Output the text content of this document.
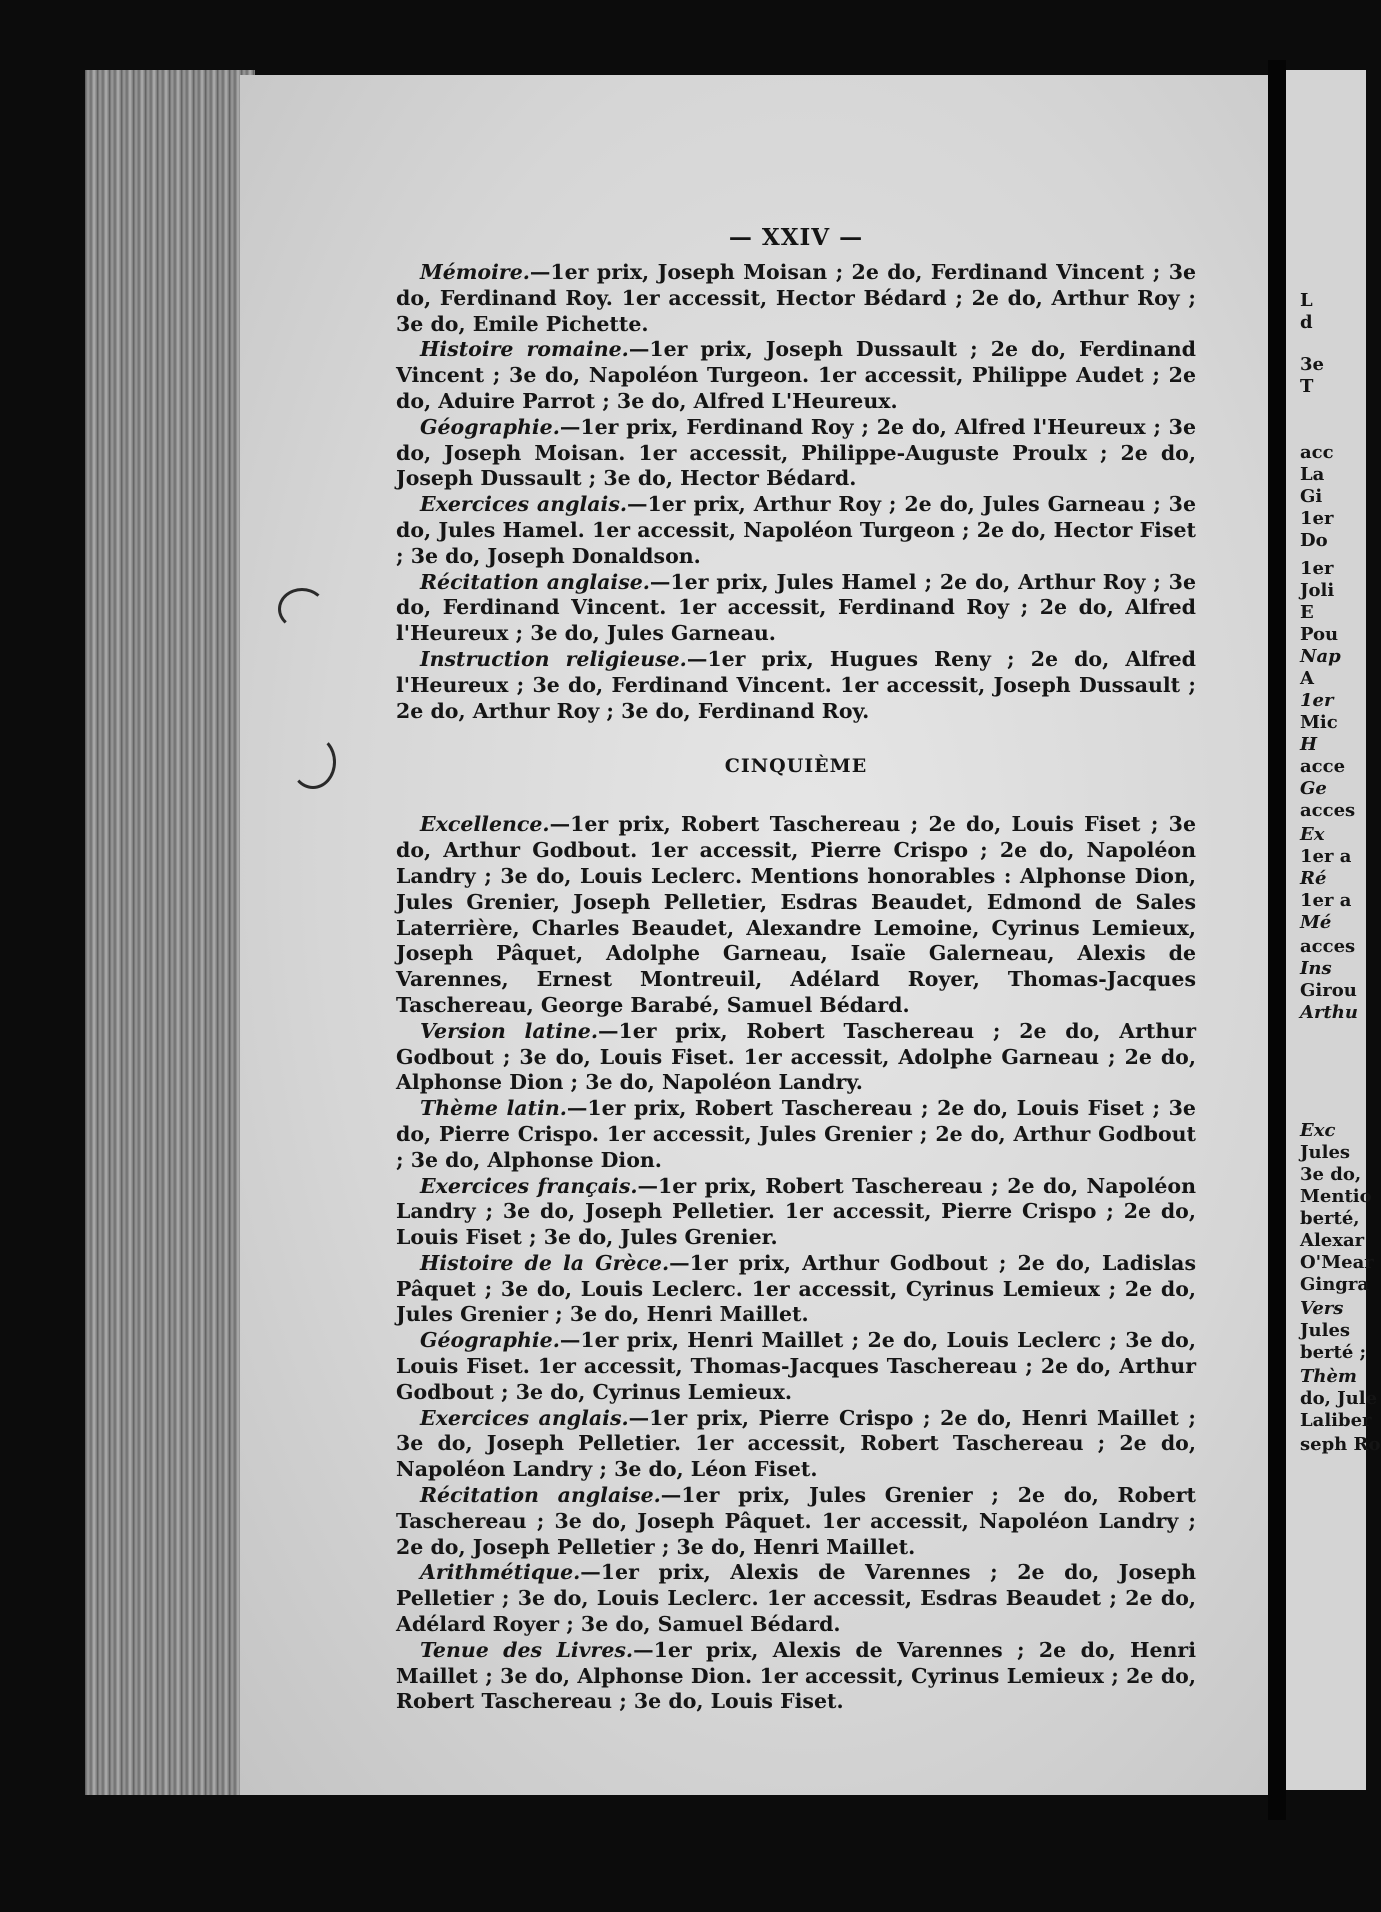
— XXIV —

Mémoire.—1er prix, Joseph Moisan ; 2e do, Ferdinand Vincent ; 3e do, Ferdinand Roy. 1er accessit, Hector Bédard ; 2e do, Arthur Roy ; 3e do, Emile Pichette.

Histoire romaine.—1er prix, Joseph Dussault ; 2e do, Ferdinand Vincent ; 3e do, Napoléon Turgeon. 1er accessit, Philippe Audet ; 2e do, Aduire Parrot ; 3e do, Alfred L'Heureux.

Géographie.—1er prix, Ferdinand Roy ; 2e do, Alfred l'Heureux ; 3e do, Joseph Moisan. 1er accessit, Philippe-Auguste Proulx ; 2e do, Joseph Dussault ; 3e do, Hector Bédard.

Exercices anglais.—1er prix, Arthur Roy ; 2e do, Jules Garneau ; 3e do, Jules Hamel. 1er accessit, Napoléon Turgeon ; 2e do, Hector Fiset ; 3e do, Joseph Donaldson.

Récitation anglaise.—1er prix, Jules Hamel ; 2e do, Arthur Roy ; 3e do, Ferdinand Vincent. 1er accessit, Ferdinand Roy ; 2e do, Alfred l'Heureux ; 3e do, Jules Garneau.

Instruction religieuse.—1er prix, Hugues Reny ; 2e do, Alfred l'Heureux ; 3e do, Ferdinand Vincent. 1er accessit, Joseph Dussault ; 2e do, Arthur Roy ; 3e do, Ferdinand Roy.

CINQUIÈME

Excellence.—1er prix, Robert Taschereau ; 2e do, Louis Fiset ; 3e do, Arthur Godbout. 1er accessit, Pierre Crispo ; 2e do, Napoléon Landry ; 3e do, Louis Leclerc. Mentions honorables : Alphonse Dion, Jules Grenier, Joseph Pelletier, Esdras Beaudet, Edmond de Sales Laterrière, Charles Beaudet, Alexandre Lemoine, Cyrinus Lemieux, Joseph Pâquet, Adolphe Garneau, Isaïe Galerneau, Alexis de Varennes, Ernest Montreuil, Adélard Royer, Thomas-Jacques Taschereau, George Barabé, Samuel Bédard.

Version latine.—1er prix, Robert Taschereau ; 2e do, Arthur Godbout ; 3e do, Louis Fiset. 1er accessit, Adolphe Garneau ; 2e do, Alphonse Dion ; 3e do, Napoléon Landry.

Thème latin.—1er prix, Robert Taschereau ; 2e do, Louis Fiset ; 3e do, Pierre Crispo. 1er accessit, Jules Grenier ; 2e do, Arthur Godbout ; 3e do, Alphonse Dion.

Exercices français.—1er prix, Robert Taschereau ; 2e do, Napoléon Landry ; 3e do, Joseph Pelletier. 1er accessit, Pierre Crispo ; 2e do, Louis Fiset ; 3e do, Jules Grenier.

Histoire de la Grèce.—1er prix, Arthur Godbout ; 2e do, Ladislas Pâquet ; 3e do, Louis Leclerc. 1er accessit, Cyrinus Lemieux ; 2e do, Jules Grenier ; 3e do, Henri Maillet.

Géographie.—1er prix, Henri Maillet ; 2e do, Louis Leclerc ; 3e do, Louis Fiset. 1er accessit, Thomas-Jacques Taschereau ; 2e do, Arthur Godbout ; 3e do, Cyrinus Lemieux.

Exercices anglais.—1er prix, Pierre Crispo ; 2e do, Henri Maillet ; 3e do, Joseph Pelletier. 1er accessit, Robert Taschereau ; 2e do, Napoléon Landry ; 3e do, Léon Fiset.

Récitation anglaise.—1er prix, Jules Grenier ; 2e do, Robert Taschereau ; 3e do, Joseph Pâquet. 1er accessit, Napoléon Landry ; 2e do, Joseph Pelletier ; 3e do, Henri Maillet.

Arithmétique.—1er prix, Alexis de Varennes ; 2e do, Joseph Pelletier ; 3e do, Louis Leclerc. 1er accessit, Esdras Beaudet ; 2e do, Adélard Royer ; 3e do, Samuel Bédard.

Tenue des Livres.—1er prix, Alexis de Varennes ; 2e do, Henri Maillet ; 3e do, Alphonse Dion. 1er accessit, Cyrinus Lemieux ; 2e do, Robert Taschereau ; 3e do, Louis Fiset.

L
d
3e
T
acc
La
Gi
1er
Do
1er
Joli
E
Pou
Nap
A
1er
Mic
H
acce
Ge
acces
Ex
1er a
Ré
1er a
Mé
acces
Ins
Girou
Arthu
Exc
Jules
3e do,
Mentio
berté,
Alexar
O'Mear
Gingra
Vers
Jules
berté ;
Thèm
do, Jule
Laliber
seph Ro
